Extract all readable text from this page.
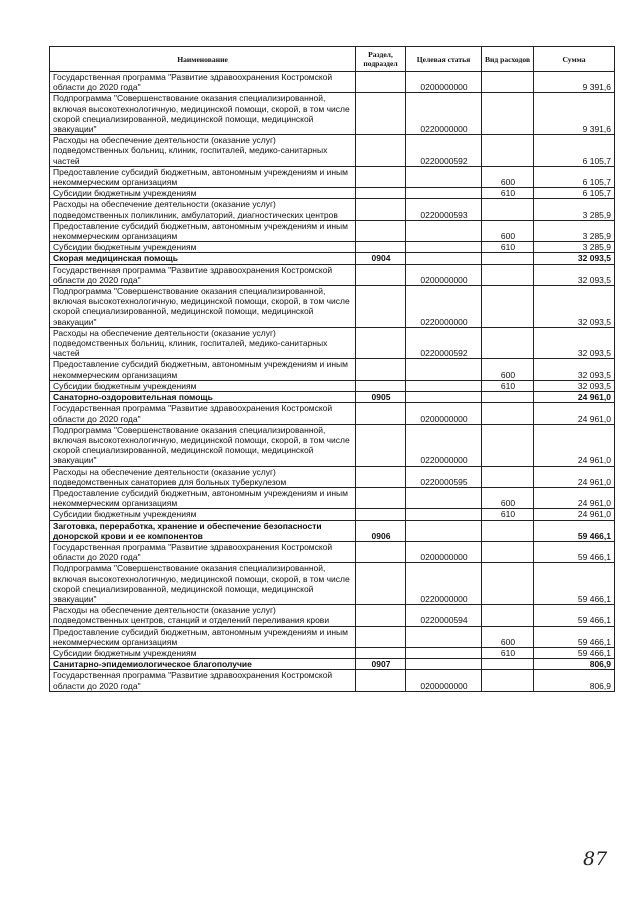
Наименование	Раздел, подраздел	Целевая статья	Вид расходов	Сумма
Государственная программа "Развитие здравоохранения Костромской области до 2020 года"		0200000000		9 391,6
Подпрограмма "Совершенствование оказания специализированной, включая высокотехнологичную, медицинской помощи, скорой, в том числе скорой специализированной, медицинской помощи, медицинской эвакуации"		0220000000		9 391,6
Расходы на обеспечение деятельности (оказание услуг) подведомственных больниц, клиник, госпиталей, медико-санитарных частей		0220000592		6 105,7
Предоставление субсидий бюджетным, автономным учреждениям и иным некоммерческим организациям			600	6 105,7
Субсидии бюджетным учреждениям			610	6 105,7
Расходы на обеспечение деятельности (оказание услуг) подведомственных поликлиник, амбулаторий, диагностических центров		0220000593		3 285,9
Предоставление субсидий бюджетным, автономным учреждениям и иным некоммерческим организациям			600	3 285,9
Субсидии бюджетным учреждениям			610	3 285,9
Скорая медицинская помощь	0904			32 093,5
Государственная программа "Развитие здравоохранения Костромской области до 2020 года"		0200000000		32 093,5
Подпрограмма "Совершенствование оказания специализированной, включая высокотехнологичную, медицинской помощи, скорой, в том числе скорой специализированной, медицинской помощи, медицинской эвакуации"		0220000000		32 093,5
Расходы на обеспечение деятельности (оказание услуг) подведомственных больниц, клиник, госпиталей, медико-санитарных частей		0220000592		32 093,5
Предоставление субсидий бюджетным, автономным учреждениям и иным некоммерческим организациям			600	32 093,5
Субсидии бюджетным учреждениям			610	32 093,5
Санаторно-оздоровительная помощь	0905			24 961,0
Государственная программа "Развитие здравоохранения Костромской области до 2020 года"		0200000000		24 961,0
Подпрограмма "Совершенствование оказания специализированной, включая высокотехнологичную, медицинской помощи, скорой, в том числе скорой специализированной, медицинской помощи, медицинской эвакуации"		0220000000		24 961,0
Расходы на обеспечение деятельности (оказание услуг) подведомственных санаториев для больных туберкулезом		0220000595		24 961,0
Предоставление субсидий бюджетным, автономным учреждениям и иным некоммерческим организациям			600	24 961,0
Субсидии бюджетным учреждениям			610	24 961,0
Заготовка, переработка, хранение и обеспечение безопасности донорской крови и ее компонентов	0906			59 466,1
Государственная программа "Развитие здравоохранения Костромской области до 2020 года"		0200000000		59 466,1
Подпрограмма "Совершенствование оказания специализированной, включая высокотехнологичную, медицинской помощи, скорой, в том числе скорой специализированной, медицинской помощи, медицинской эвакуации"		0220000000		59 466,1
Расходы на обеспечение деятельности (оказание услуг) подведомственных центров, станций и отделений переливания крови		0220000594		59 466,1
Предоставление субсидий бюджетным, автономным учреждениям и иным некоммерческим организациям			600	59 466,1
Субсидии бюджетным учреждениям			610	59 466,1
Санитарно-эпидемиологическое благополучие	0907			806,9
Государственная программа "Развитие здравоохранения Костромской области до 2020 года"		0200000000		806,9
87
